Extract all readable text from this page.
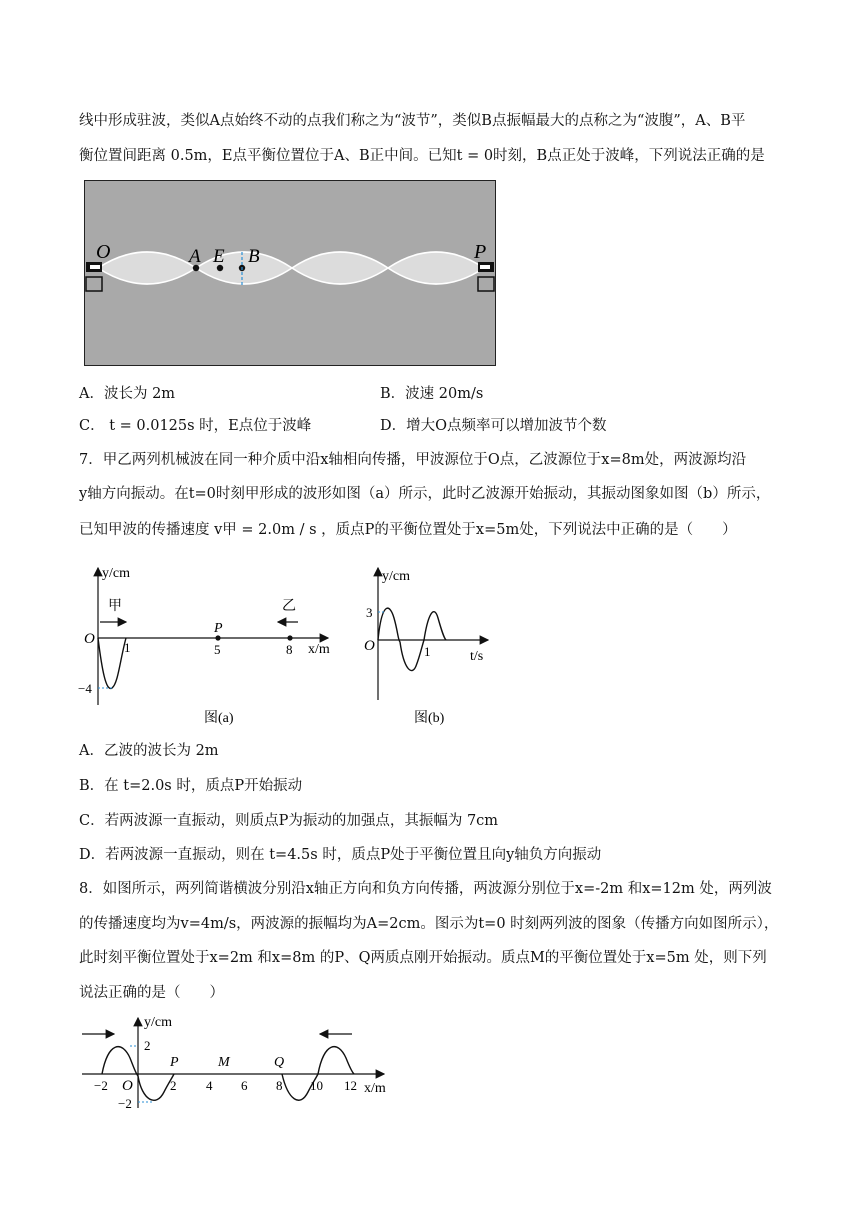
线中形成驻波，类似A点始终不动的点我们称之为“波节”，类似B点振幅最大的点称之为“波腹”，A、B平
衡位置间距离 0.5m，E点平衡位置位于A、B正中间。已知t = 0时刻，B点正处于波峰，下列说法正确的是
O	A E B	P
A．波长为 2m	B．波速 20m/s
C． t = 0.0125s 时，E点位于波峰	D．增大O点频率可以增加波节个数
7．甲乙两列机械波在同一种介质中沿x轴相向传播，甲波源位于O点，乙波源位于x=8m处，两波源均沿
y轴方向振动。在t=0时刻甲形成的波形如图（a）所示，此时乙波源开始振动，其振动图象如图（b）所示，
已知甲波的传播速度 v甲 = 2.0m / s ，质点P的平衡位置处于x=5m处，下列说法中正确的是（　　）
y/cm
x/m
O
−4
1
P
5	8
甲	乙
图(a)
y/cm
t/s
O
3
1
图(b)
A．乙波的波长为 2m
B．在 t=2.0s 时，质点P开始振动
C．若两波源一直振动，则质点P为振动的加强点，其振幅为 7cm
D．若两波源一直振动，则在 t=4.5s 时，质点P处于平衡位置且向y轴负方向振动
8．如图所示，两列简谐横波分别沿x轴正方向和负方向传播，两波源分别位于x=-2m 和x=12m 处，两列波
的传播速度均为v=4m/s，两波源的振幅均为A=2cm。图示为t=0 时刻两列波的图象（传播方向如图所示），
此时刻平衡位置处于x=2m 和x=8m 的P、Q两质点刚开始振动。质点M的平衡位置处于x=5m 处，则下列
说法正确的是（　　）
y/cm
x/m
O
2
−2
−2	2 4 6 8 10 12
P	M	Q
